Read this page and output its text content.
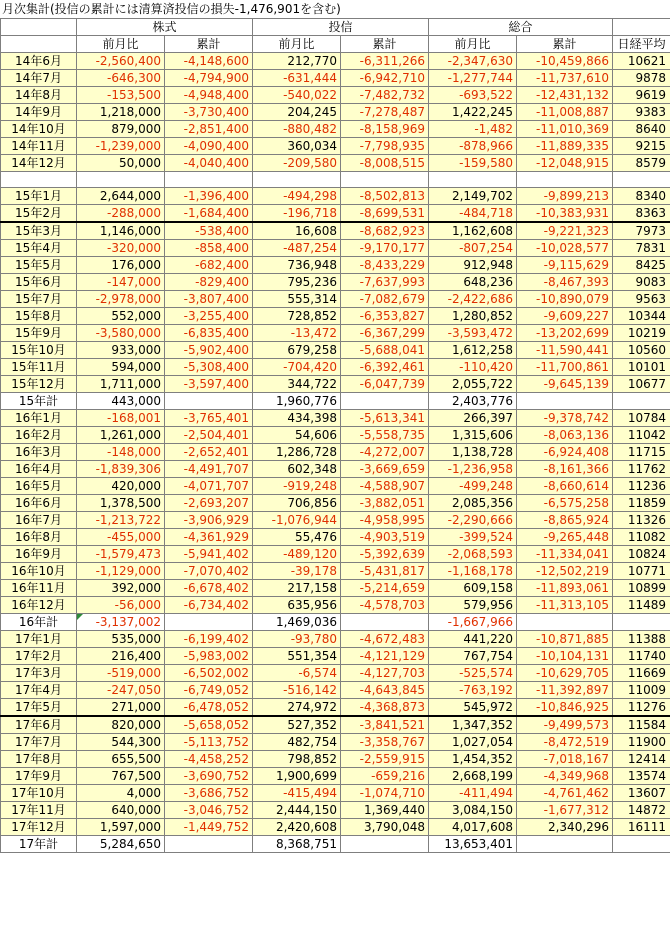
月次集計(投信の累計には清算済投信の損失-1,476,901を含む)
	株式		投信		総合		
	前月比	累計	前月比	累計	前月比	累計	日経平均
14年6月	-2,560,400	-4,148,600	212,770	-6,311,266	-2,347,630	-10,459,866	10621
14年7月	-646,300	-4,794,900	-631,444	-6,942,710	-1,277,744	-11,737,610	9878
14年8月	-153,500	-4,948,400	-540,022	-7,482,732	-693,522	-12,431,132	9619
14年9月	1,218,000	-3,730,400	204,245	-7,278,487	1,422,245	-11,008,887	9383
14年10月	879,000	-2,851,400	-880,482	-8,158,969	-1,482	-11,010,369	8640
14年11月	-1,239,000	-4,090,400	360,034	-7,798,935	-878,966	-11,889,335	9215
14年12月	50,000	-4,040,400	-209,580	-8,008,515	-159,580	-12,048,915	8579

15年1月	2,644,000	-1,396,400	-494,298	-8,502,813	2,149,702	-9,899,213	8340
15年2月	-288,000	-1,684,400	-196,718	-8,699,531	-484,718	-10,383,931	8363
15年3月	1,146,000	-538,400	16,608	-8,682,923	1,162,608	-9,221,323	7973
15年4月	-320,000	-858,400	-487,254	-9,170,177	-807,254	-10,028,577	7831
15年5月	176,000	-682,400	736,948	-8,433,229	912,948	-9,115,629	8425
15年6月	-147,000	-829,400	795,236	-7,637,993	648,236	-8,467,393	9083
15年7月	-2,978,000	-3,807,400	555,314	-7,082,679	-2,422,686	-10,890,079	9563
15年8月	552,000	-3,255,400	728,852	-6,353,827	1,280,852	-9,609,227	10344
15年9月	-3,580,000	-6,835,400	-13,472	-6,367,299	-3,593,472	-13,202,699	10219
15年10月	933,000	-5,902,400	679,258	-5,688,041	1,612,258	-11,590,441	10560
15年11月	594,000	-5,308,400	-704,420	-6,392,461	-110,420	-11,700,861	10101
15年12月	1,711,000	-3,597,400	344,722	-6,047,739	2,055,722	-9,645,139	10677
15年計	443,000		1,960,776		2,403,776		
16年1月	-168,001	-3,765,401	434,398	-5,613,341	266,397	-9,378,742	10784
16年2月	1,261,000	-2,504,401	54,606	-5,558,735	1,315,606	-8,063,136	11042
16年3月	-148,000	-2,652,401	1,286,728	-4,272,007	1,138,728	-6,924,408	11715
16年4月	-1,839,306	-4,491,707	602,348	-3,669,659	-1,236,958	-8,161,366	11762
16年5月	420,000	-4,071,707	-919,248	-4,588,907	-499,248	-8,660,614	11236
16年6月	1,378,500	-2,693,207	706,856	-3,882,051	2,085,356	-6,575,258	11859
16年7月	-1,213,722	-3,906,929	-1,076,944	-4,958,995	-2,290,666	-8,865,924	11326
16年8月	-455,000	-4,361,929	55,476	-4,903,519	-399,524	-9,265,448	11082
16年9月	-1,579,473	-5,941,402	-489,120	-5,392,639	-2,068,593	-11,334,041	10824
16年10月	-1,129,000	-7,070,402	-39,178	-5,431,817	-1,168,178	-12,502,219	10771
16年11月	392,000	-6,678,402	217,158	-5,214,659	609,158	-11,893,061	10899
16年12月	-56,000	-6,734,402	635,956	-4,578,703	579,956	-11,313,105	11489
16年計	-3,137,002		1,469,036		-1,667,966		
17年1月	535,000	-6,199,402	-93,780	-4,672,483	441,220	-10,871,885	11388
17年2月	216,400	-5,983,002	551,354	-4,121,129	767,754	-10,104,131	11740
17年3月	-519,000	-6,502,002	-6,574	-4,127,703	-525,574	-10,629,705	11669
17年4月	-247,050	-6,749,052	-516,142	-4,643,845	-763,192	-11,392,897	11009
17年5月	271,000	-6,478,052	274,972	-4,368,873	545,972	-10,846,925	11276
17年6月	820,000	-5,658,052	527,352	-3,841,521	1,347,352	-9,499,573	11584
17年7月	544,300	-5,113,752	482,754	-3,358,767	1,027,054	-8,472,519	11900
17年8月	655,500	-4,458,252	798,852	-2,559,915	1,454,352	-7,018,167	12414
17年9月	767,500	-3,690,752	1,900,699	-659,216	2,668,199	-4,349,968	13574
17年10月	4,000	-3,686,752	-415,494	-1,074,710	-411,494	-4,761,462	13607
17年11月	640,000	-3,046,752	2,444,150	1,369,440	3,084,150	-1,677,312	14872
17年12月	1,597,000	-1,449,752	2,420,608	3,790,048	4,017,608	2,340,296	16111
17年計	5,284,650		8,368,751		13,653,401		
